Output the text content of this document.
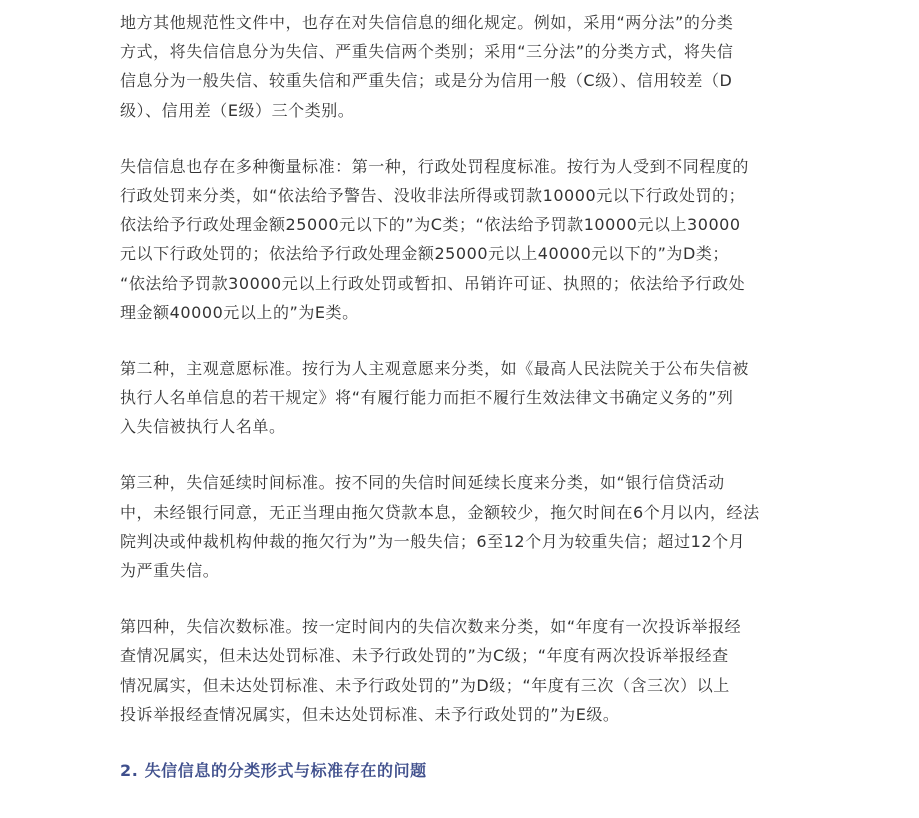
地方其他规范性文件中，也存在对失信信息的细化规定。例如，采用“两分法”的分类
方式，将失信信息分为失信、严重失信两个类别；采用“三分法”的分类方式，将失信
信息分为一般失信、较重失信和严重失信；或是分为信用一般（C级）、信用较差（D
级）、信用差（E级）三个类别。

失信信息也存在多种衡量标准：第一种，行政处罚程度标准。按行为人受到不同程度的
行政处罚来分类，如“依法给予警告、没收非法所得或罚款10000元以下行政处罚的；
依法给予行政处理金额25000元以下的”为C类；“依法给予罚款10000元以上30000
元以下行政处罚的；依法给予行政处理金额25000元以上40000元以下的”为D类；
“依法给予罚款30000元以上行政处罚或暂扣、吊销许可证、执照的；依法给予行政处
理金额40000元以上的”为E类。

第二种，主观意愿标准。按行为人主观意愿来分类，如《最高人民法院关于公布失信被
执行人名单信息的若干规定》将“有履行能力而拒不履行生效法律文书确定义务的”列
入失信被执行人名单。

第三种，失信延续时间标准。按不同的失信时间延续长度来分类，如“银行信贷活动
中，未经银行同意，无正当理由拖欠贷款本息，金额较少，拖欠时间在6个月以内，经法
院判决或仲裁机构仲裁的拖欠行为”为一般失信；6至12个月为较重失信；超过12个月
为严重失信。

第四种，失信次数标准。按一定时间内的失信次数来分类，如“年度有一次投诉举报经
查情况属实，但未达处罚标准、未予行政处罚的”为C级；“年度有两次投诉举报经查
情况属实，但未达处罚标准、未予行政处罚的”为D级；“年度有三次（含三次）以上
投诉举报经查情况属实，但未达处罚标准、未予行政处罚的”为E级。

2. 失信信息的分类形式与标准存在的问题
